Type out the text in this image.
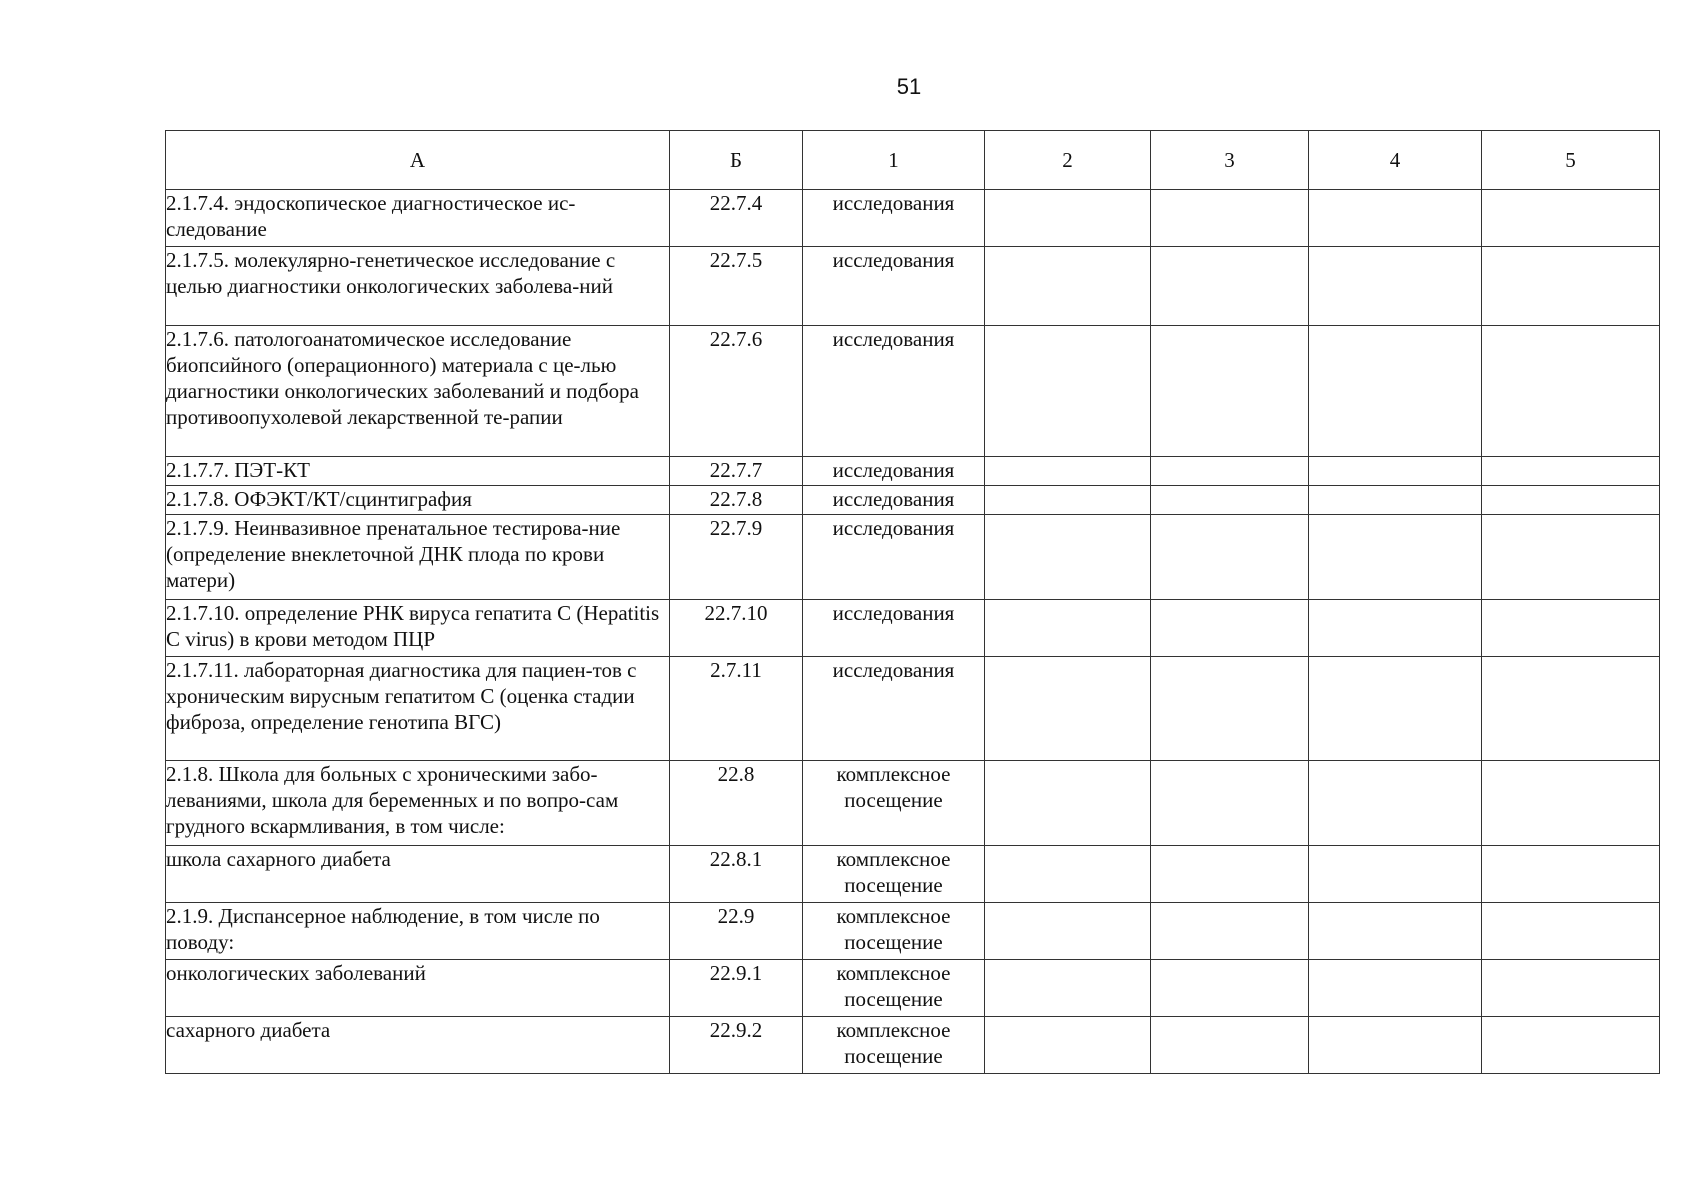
51
А	Б	1	2	3	4	5
2.1.7.4. эндоскопическое диагностическое ис-следование	22.7.4	исследования				
2.1.7.5. молекулярно-генетическое исследование с целью диагностики онкологических заболева-ний	22.7.5	исследования				
2.1.7.6. патологоанатомическое исследование биопсийного (операционного) материала с це-лью диагностики онкологических заболеваний и подбора противоопухолевой лекарственной те-рапии	22.7.6	исследования				
2.1.7.7. ПЭТ-КТ	22.7.7	исследования				
2.1.7.8. ОФЭКТ/КТ/сцинтиграфия	22.7.8	исследования				
2.1.7.9. Неинвазивное пренатальное тестирова-ние (определение внеклеточной ДНК плода по крови матери)	22.7.9	исследования				
2.1.7.10. определение РНК вируса гепатита С (Hepatitis C virus) в крови методом ПЦР	22.7.10	исследования				
2.1.7.11. лабораторная диагностика для пациен-тов с хроническим вирусным гепатитом С (оценка стадии фиброза, определение генотипа ВГС)	2.7.11	исследования				
2.1.8. Школа для больных с хроническими забо-леваниями, школа для беременных и по вопро-сам грудного вскармливания, в том числе:	22.8	комплексное посещение				
школа сахарного диабета	22.8.1	комплексное посещение				
2.1.9. Диспансерное наблюдение, в том числе по поводу:	22.9	комплексное посещение				
онкологических заболеваний	22.9.1	комплексное посещение				
сахарного диабета	22.9.2	комплексное посещение				
